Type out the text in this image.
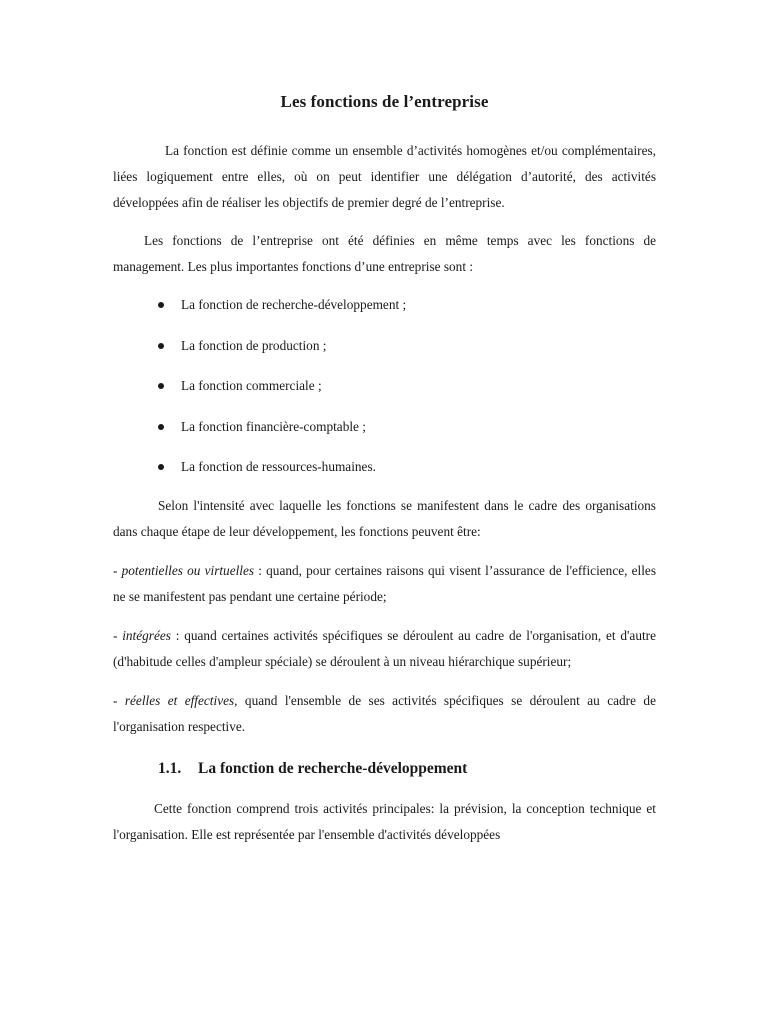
Les fonctions de l’entreprise

La fonction est définie comme un ensemble d’activités homogènes et/ou complémentaires, liées logiquement entre elles, où on peut identifier une délégation d’autorité, des activités développées afin de réaliser les objectifs de premier degré de l’entreprise.

Les fonctions de l’entreprise ont été définies en même temps avec les fonctions de management. Les plus importantes fonctions d’une entreprise sont :

La fonction de recherche-développement ;
La fonction de production ;
La fonction commerciale ;
La fonction financière-comptable ;
La fonction de ressources-humaines.

Selon l'intensité avec laquelle les fonctions se manifestent dans le cadre des organisations dans chaque étape de leur développement, les fonctions peuvent être:

- potentielles ou virtuelles : quand, pour certaines raisons qui visent l’assurance de l'efficience, elles ne se manifestent pas pendant une certaine période;

- intégrées : quand certaines activités spécifiques se déroulent au cadre de l'organisation, et d'autre (d'habitude celles d'ampleur spéciale) se déroulent à un niveau hiérarchique supérieur;

- réelles et effectives, quand l'ensemble de ses activités spécifiques se déroulent au cadre de l'organisation respective.

1.1. La fonction de recherche-développement

Cette fonction comprend trois activités principales: la prévision, la conception technique et l'organisation. Elle est représentée par l'ensemble d'activités développées
